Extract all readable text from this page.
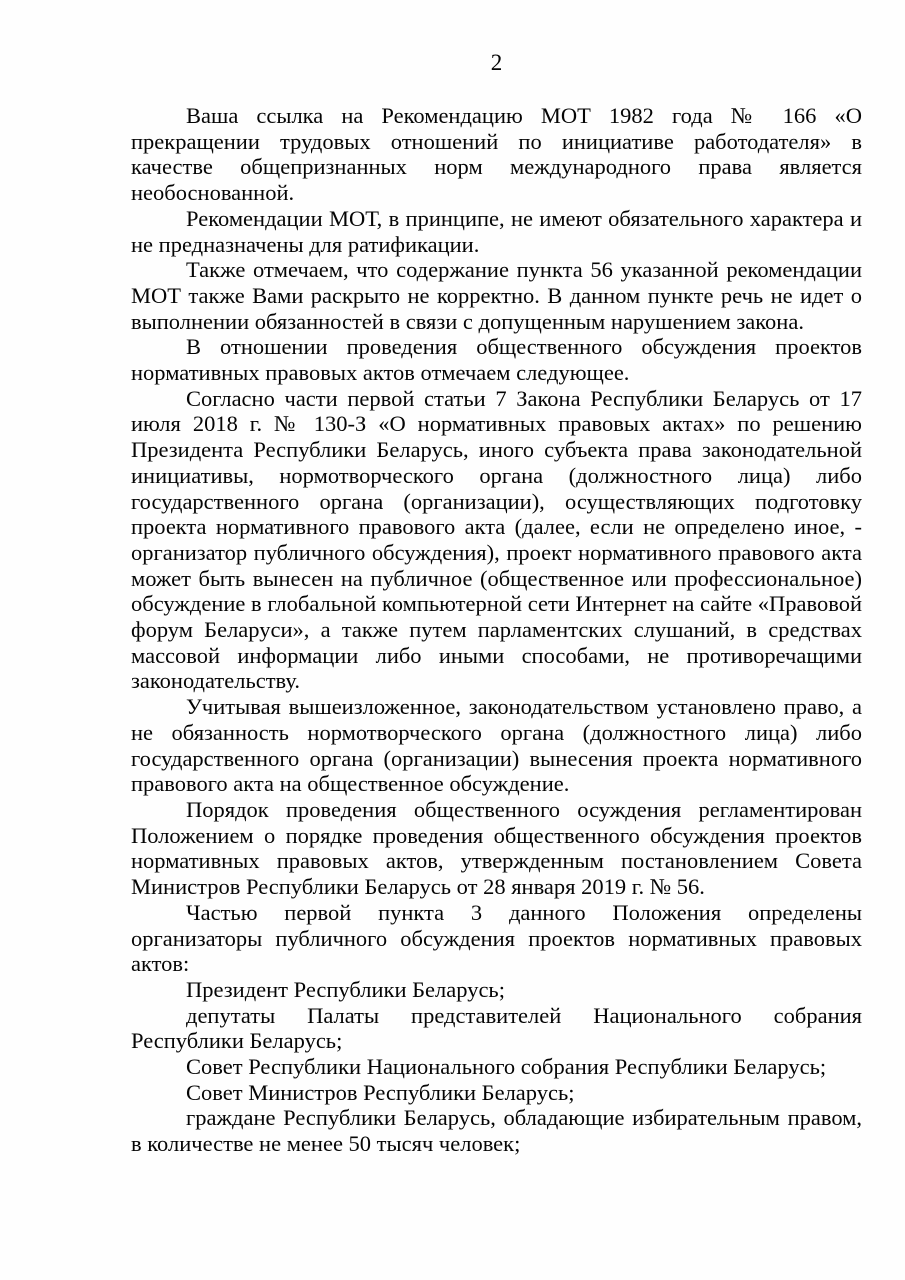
2

Ваша ссылка на Рекомендацию МОТ 1982 года № 166 «О прекращении трудовых отношений по инициативе работодателя» в качестве общепризнанных норм международного права является необоснованной.

Рекомендации МОТ, в принципе, не имеют обязательного характера и не предназначены для ратификации.

Также отмечаем, что содержание пункта 56 указанной рекомендации МОТ также Вами раскрыто не корректно. В данном пункте речь не идет о выполнении обязанностей в связи с допущенным нарушением закона.

В отношении проведения общественного обсуждения проектов нормативных правовых актов отмечаем следующее.

Согласно части первой статьи 7 Закона Республики Беларусь от 17 июля 2018 г. № 130-З «О нормативных правовых актах» по решению Президента Республики Беларусь, иного субъекта права законодательной инициативы, нормотворческого органа (должностного лица) либо государственного органа (организации), осуществляющих подготовку проекта нормативного правового акта (далее, если не определено иное, - организатор публичного обсуждения), проект нормативного правового акта может быть вынесен на публичное (общественное или профессиональное) обсуждение в глобальной компьютерной сети Интернет на сайте «Правовой форум Беларуси», а также путем парламентских слушаний, в средствах массовой информации либо иными способами, не противоречащими законодательству.

Учитывая вышеизложенное, законодательством установлено право, а не обязанность нормотворческого органа (должностного лица) либо государственного органа (организации) вынесения проекта нормативного правового акта на общественное обсуждение.

Порядок проведения общественного осуждения регламентирован Положением о порядке проведения общественного обсуждения проектов нормативных правовых актов, утвержденным постановлением Совета Министров Республики Беларусь от 28 января 2019 г. № 56.

Частью первой пункта 3 данного Положения определены организаторы публичного обсуждения проектов нормативных правовых актов:

Президент Республики Беларусь;

депутаты Палаты представителей Национального собрания Республики Беларусь;

Совет Республики Национального собрания Республики Беларусь;

Совет Министров Республики Беларусь;

граждане Республики Беларусь, обладающие избирательным правом, в количестве не менее 50 тысяч человек;
